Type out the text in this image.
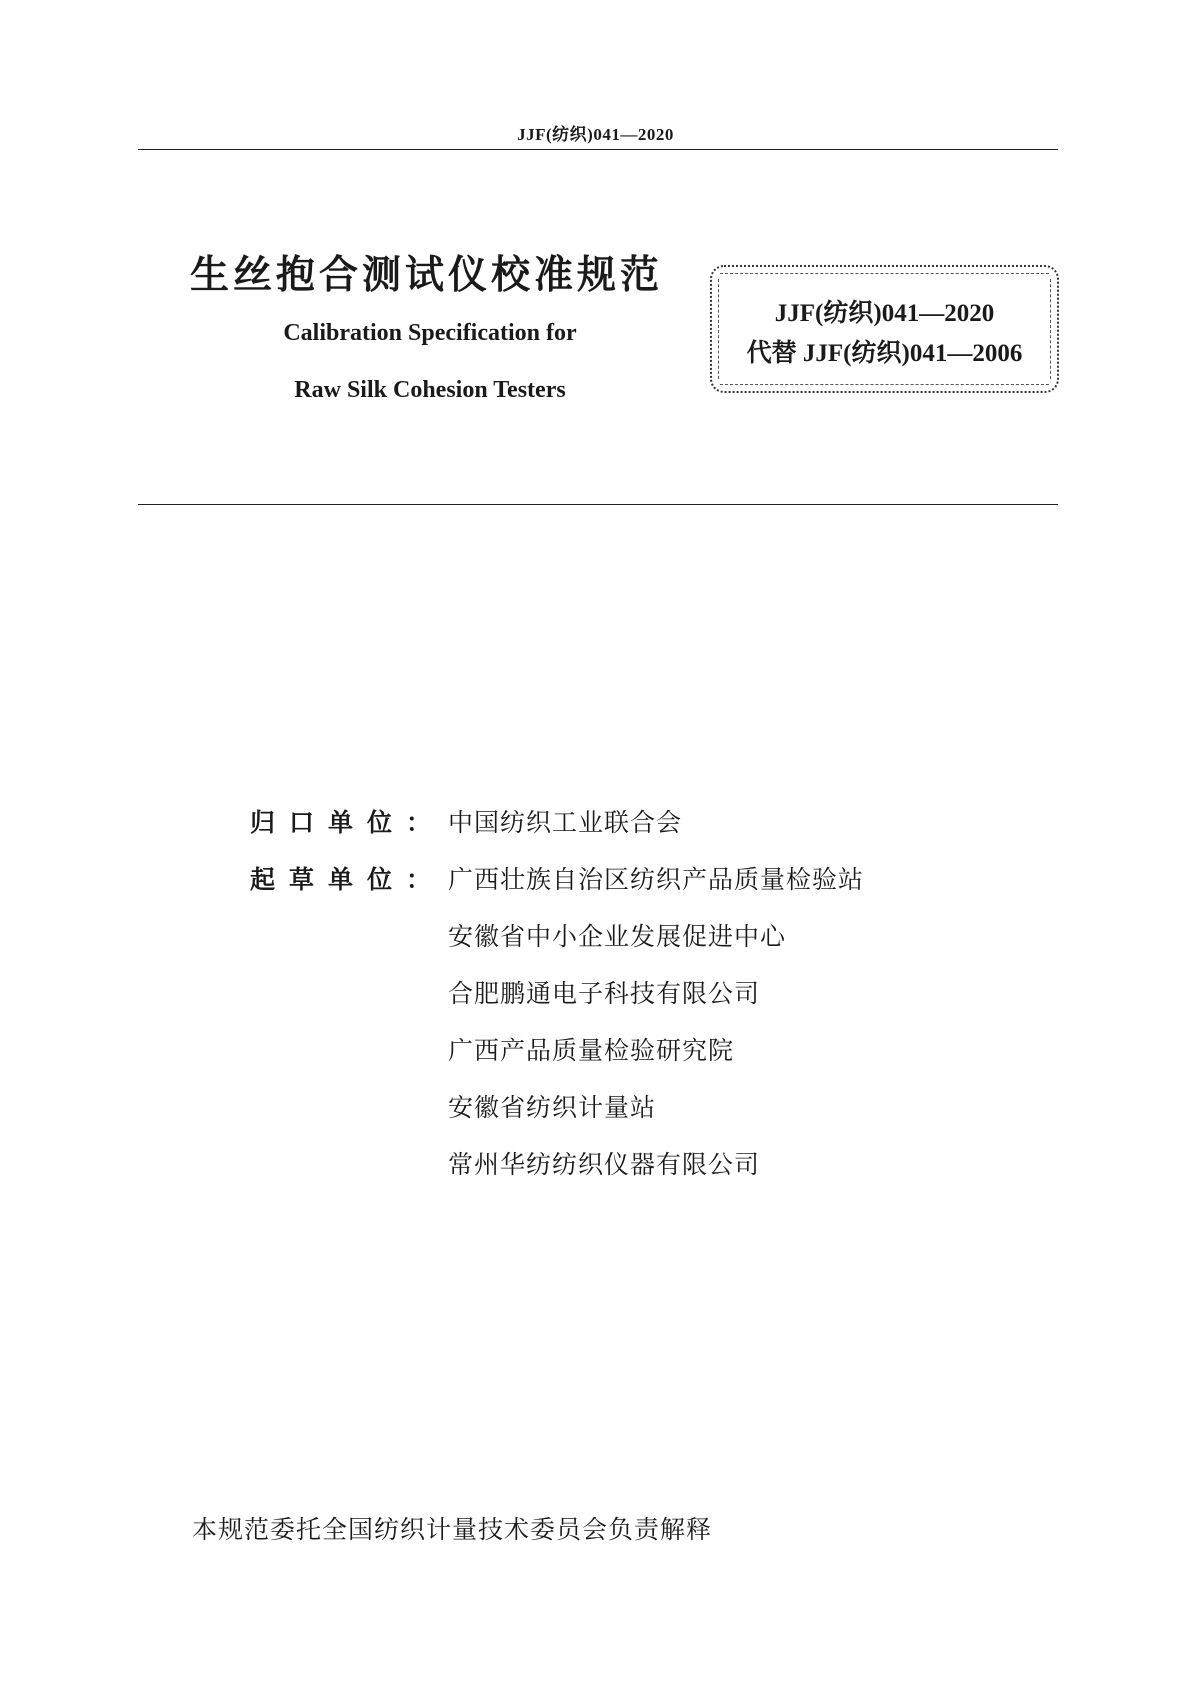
JJF(纺织)041—2020
生丝抱合测试仪校准规范
Calibration Specification for
Raw Silk Cohesion Testers
JJF(纺织)041—2020
代替 JJF(纺织)041—2006
归口单位： 中国纺织工业联合会
起草单位： 广西壮族自治区纺织产品质量检验站
安徽省中小企业发展促进中心
合肥鹏通电子科技有限公司
广西产品质量检验研究院
安徽省纺织计量站
常州华纺纺织仪器有限公司
本规范委托全国纺织计量技术委员会负责解释
